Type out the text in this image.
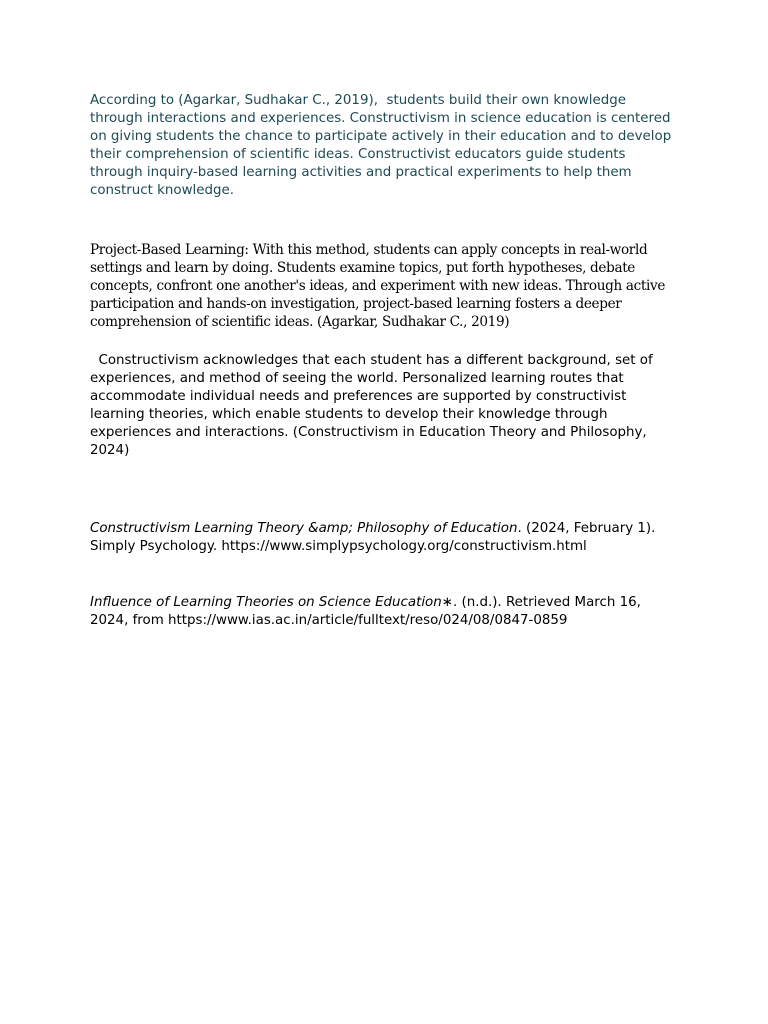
According to (Agarkar, Sudhakar C., 2019),  students build their own knowledge through interactions and experiences. Constructivism in science education is centered on giving students the chance to participate actively in their education and to develop their comprehension of scientific ideas. Constructivist educators guide students through inquiry-based learning activities and practical experiments to help them construct knowledge.

Project-Based Learning: With this method, students can apply concepts in real-world settings and learn by doing. Students examine topics, put forth hypotheses, debate concepts, confront one another's ideas, and experiment with new ideas. Through active participation and hands-on investigation, project-based learning fosters a deeper comprehension of scientific ideas. (Agarkar, Sudhakar C., 2019)

Constructivism acknowledges that each student has a different background, set of experiences, and method of seeing the world. Personalized learning routes that accommodate individual needs and preferences are supported by constructivist learning theories, which enable students to develop their knowledge through experiences and interactions. (Constructivism in Education Theory and Philosophy, 2024)

Constructivism Learning Theory &amp; Philosophy of Education. (2024, February 1). Simply Psychology. https://www.simplypsychology.org/constructivism.html

Influence of Learning Theories on Science Education∗. (n.d.). Retrieved March 16, 2024, from https://www.ias.ac.in/article/fulltext/reso/024/08/0847-0859
